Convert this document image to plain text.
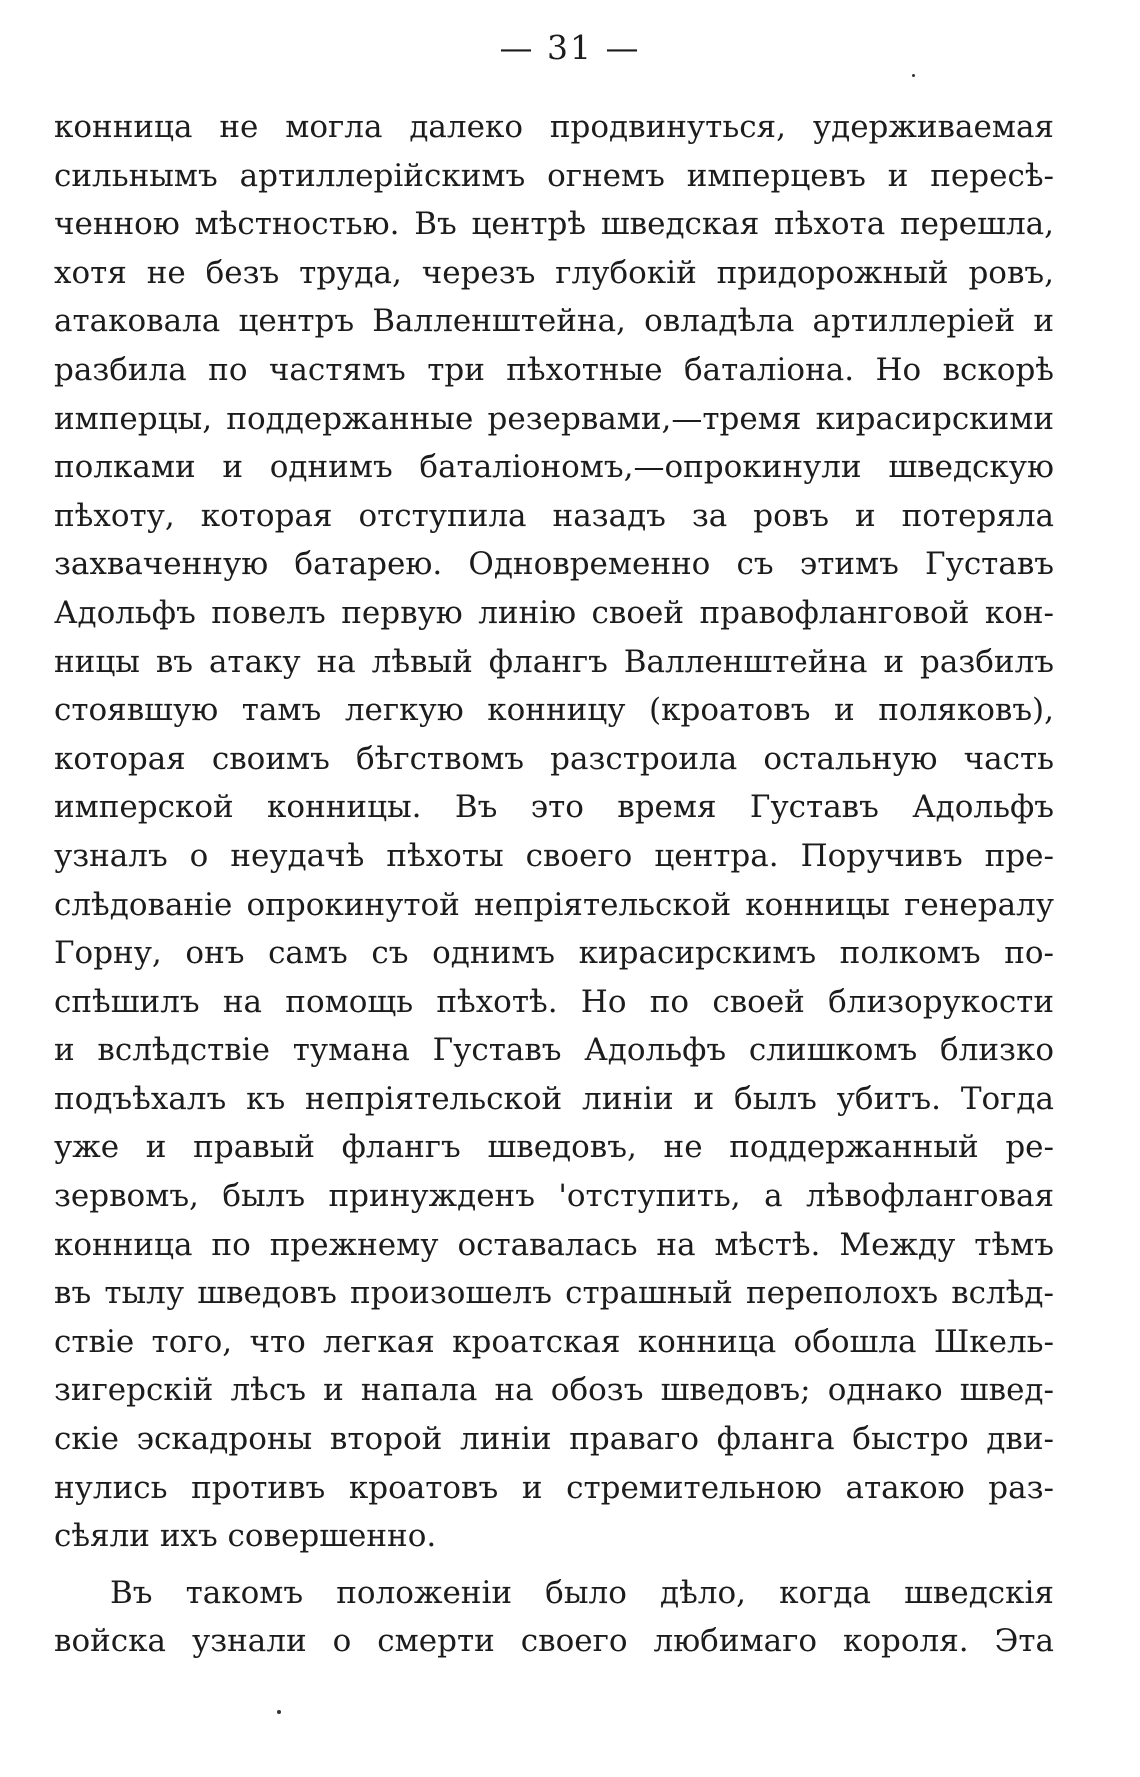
— 31 —
конница не могла далеко продвинуться, удерживаемая
сильнымъ артиллерійскимъ огнемъ имперцевъ и пересѣ-
ченною мѣстностью. Въ центрѣ шведская пѣхота перешла,
хотя не безъ труда, черезъ глубокій придорожный ровъ,
атаковала центръ Валленштейна, овладѣла артиллеріей и
разбила по частямъ три пѣхотные баталіона. Но вскорѣ
имперцы, поддержанные резервами,—тремя кирасирскими
полками и однимъ баталіономъ,—опрокинули шведскую
пѣхоту, которая отступила назадъ за ровъ и потеряла
захваченную батарею. Одновременно съ этимъ Густавъ
Адольфъ повелъ первую линію своей правофланговой кон-
ницы въ атаку на лѣвый флангъ Валленштейна и разбилъ
стоявшую тамъ легкую конницу (кроатовъ и поляковъ),
которая своимъ бѣгствомъ разстроила остальную часть
имперской конницы. Въ это время Густавъ Адольфъ
узналъ о неудачѣ пѣхоты своего центра. Поручивъ пре-
слѣдованіе опрокинутой непріятельской конницы генералу
Горну, онъ самъ съ однимъ кирасирскимъ полкомъ по-
спѣшилъ на помощь пѣхотѣ. Но по своей близорукости
и вслѣдствіе тумана Густавъ Адольфъ слишкомъ близко
подъѣхалъ къ непріятельской линіи и былъ убитъ. Тогда
уже и правый флангъ шведовъ, не поддержанный ре-
зервомъ, былъ принужденъ 'отступить, а лѣвофланговая
конница по прежнему оставалась на мѣстѣ. Между тѣмъ
въ тылу шведовъ произошелъ страшный переполохъ вслѣд-
ствіе того, что легкая кроатская конница обошла Шкель-
зигерскій лѣсъ и напала на обозъ шведовъ; однако швед-
скіе эскадроны второй линіи праваго фланга быстро дви-
нулись противъ кроатовъ и стремительною атакою раз-
сѣяли ихъ совершенно.
Въ такомъ положеніи было дѣло, когда шведскія
войска узнали о смерти своего любимаго короля. Эта
